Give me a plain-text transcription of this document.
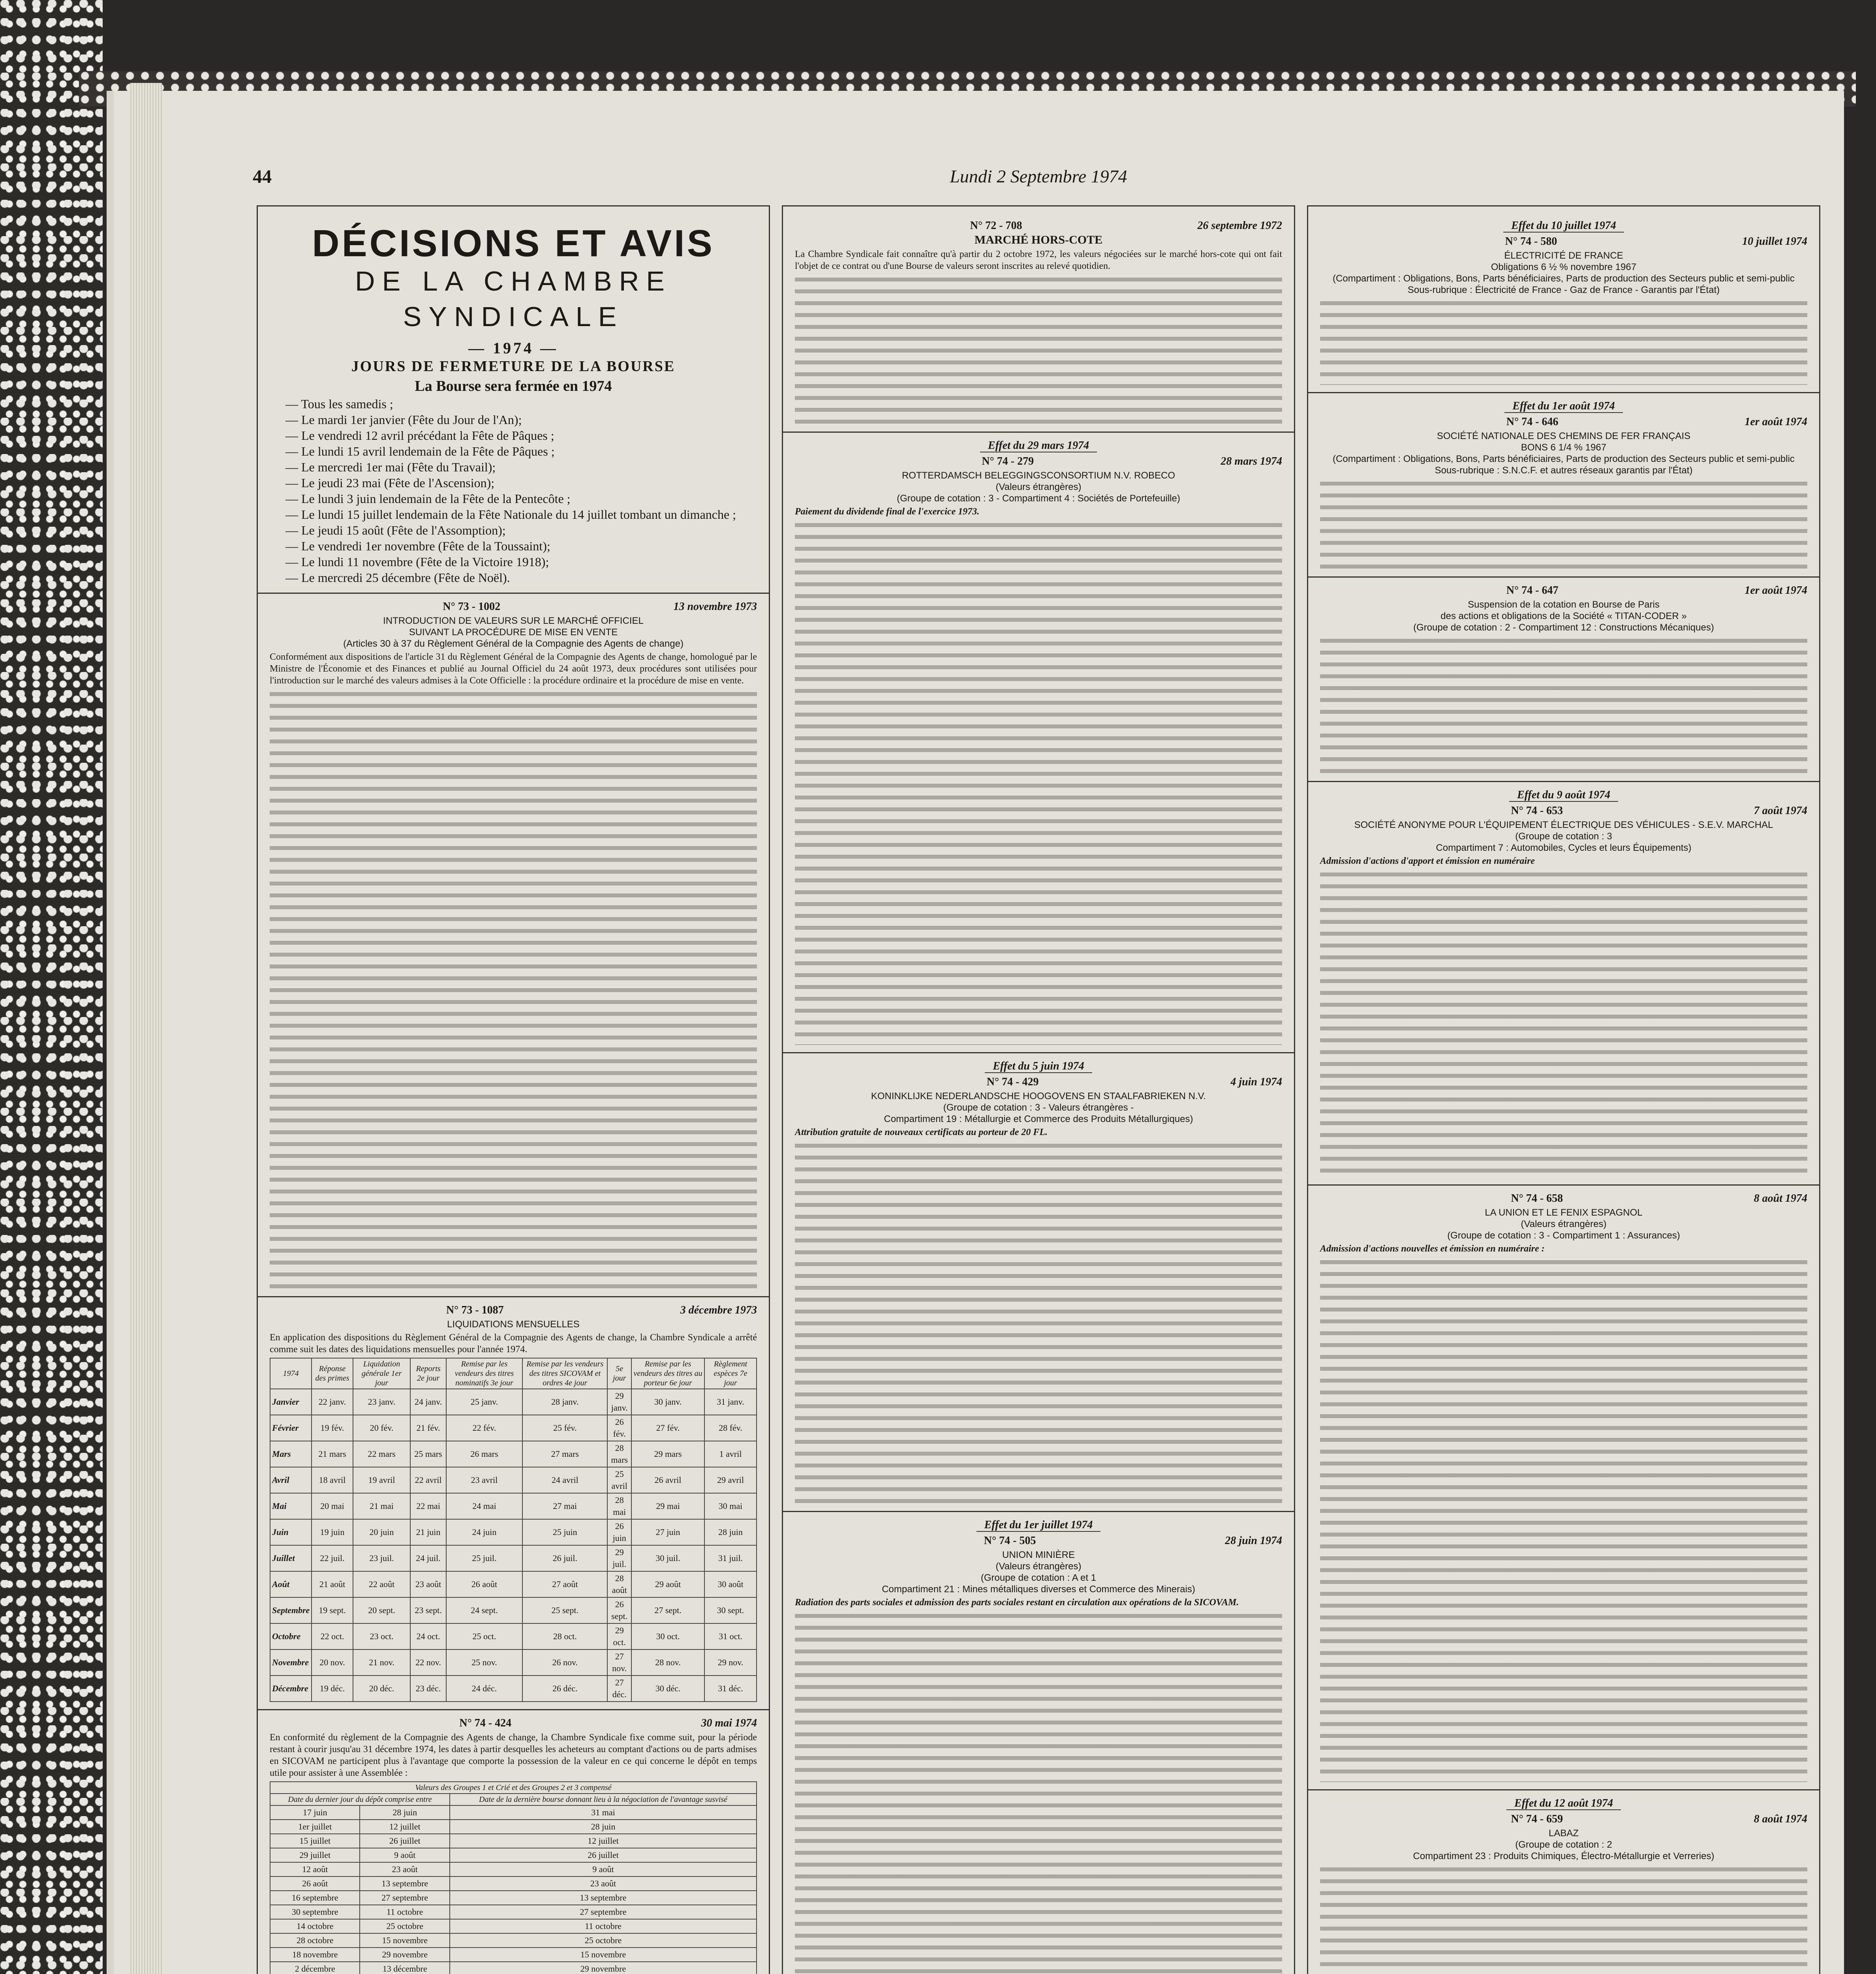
Lundi 2 Septembre 1974
44
DÉCISIONS ET AVIS
DE LA CHAMBRE SYNDICALE
— 1974 —
JOURS DE FERMETURE DE LA BOURSE
La Bourse sera fermée en 1974
— Tous les samedis ;
— Le mardi 1er janvier (Fête du Jour de l'An);
— Le vendredi 12 avril précédant la Fête de Pâques ;
— Le lundi 15 avril lendemain de la Fête de Pâques ;
— Le mercredi 1er mai (Fête du Travail);
— Le jeudi 23 mai (Fête de l'Ascension);
— Le lundi 3 juin lendemain de la Fête de la Pentecôte ;
— Le lundi 15 juillet lendemain de la Fête Nationale du 14 juillet tombant un dimanche ;
— Le jeudi 15 août (Fête de l'Assomption);
— Le vendredi 1er novembre (Fête de la Toussaint);
— Le lundi 11 novembre (Fête de la Victoire 1918);
— Le mercredi 25 décembre (Fête de Noël).
N° 73 - 1002	13 novembre 1973
INTRODUCTION DE VALEURS SUR LE MARCHÉ OFFICIEL
SUIVANT LA PROCÉDURE DE MISE EN VENTE
(Articles 30 à 37 du Règlement Général de la Compagnie des Agents de change)

Conformément aux dispositions de l'article 31 du Règlement Général de la Compagnie des Agents de change, homologué par le Ministre de l'Économie et des Finances et publié au Journal Officiel du 24 août 1973, deux procédures sont utilisées pour l'introduction sur le marché des valeurs admises à la Cote Officielle : la procédure ordinaire et la procédure de mise en vente.

N° 73 - 1087	3 décembre 1973
LIQUIDATIONS MENSUELLES

En application des dispositions du Règlement Général de la Compagnie des Agents de change, la Chambre Syndicale a arrêté comme suit les dates des liquidations mensuelles pour l'année 1974.

1974	Réponse des primes	Liquidation générale 1er jour	Reports 2e jour	Remise par les vendeurs des titres nominatifs 3e jour	Remise par les vendeurs des titres SICOVAM et ordres 4e jour	5e jour	Remise par les vendeurs des titres au porteur 6e jour	Règlement espèces 7e jour
Janvier	22 janv.	23 janv.	24 janv.	25 janv.	28 janv.	29 janv.	30 janv.	31 janv.
Février	19 fév.	20 fév.	21 fév.	22 fév.	25 fév.	26 fév.	27 fév.	28 fév.
Mars	21 mars	22 mars	25 mars	26 mars	27 mars	28 mars	29 mars	1 avril
Avril	18 avril	19 avril	22 avril	23 avril	24 avril	25 avril	26 avril	29 avril
Mai	20 mai	21 mai	22 mai	24 mai	27 mai	28 mai	29 mai	30 mai
Juin	19 juin	20 juin	21 juin	24 juin	25 juin	26 juin	27 juin	28 juin
Juillet	22 juil.	23 juil.	24 juil.	25 juil.	26 juil.	29 juil.	30 juil.	31 juil.
Août	21 août	22 août	23 août	26 août	27 août	28 août	29 août	30 août
Septembre	19 sept.	20 sept.	23 sept.	24 sept.	25 sept.	26 sept.	27 sept.	30 sept.
Octobre	22 oct.	23 oct.	24 oct.	25 oct.	28 oct.	29 oct.	30 oct.	31 oct.
Novembre	20 nov.	21 nov.	22 nov.	25 nov.	26 nov.	27 nov.	28 nov.	29 nov.
Décembre	19 déc.	20 déc.	23 déc.	24 déc.	26 déc.	27 déc.	30 déc.	31 déc.
N° 74 - 424	30 mai 1974

En conformité du règlement de la Compagnie des Agents de change, la Chambre Syndicale fixe comme suit, pour la période restant à courir jusqu'au 31 décembre 1974, les dates à partir desquelles les acheteurs au comptant d'actions ou de parts admises en SICOVAM ne participent plus à l'avantage que comporte la possession de la valeur en ce qui concerne le dépôt en temps utile pour assister à une Assemblée :

Valeurs des Groupes 1 et Crié et des Groupes 2 et 3 compensé		
Date du dernier jour du dépôt comprise entre		Date de la dernière bourse donnant lieu à la négociation de l'avantage susvisé
17 juin	28 juin	31 mai
1er juillet	12 juillet	28 juin
15 juillet	26 juillet	12 juillet
29 juillet	9 août	26 juillet
12 août	23 août	9 août
26 août	13 septembre	23 août
16 septembre	27 septembre	13 septembre
30 septembre	11 octobre	27 septembre
14 octobre	25 octobre	11 octobre
28 octobre	15 novembre	25 octobre
18 novembre	29 novembre	15 novembre
2 décembre	13 décembre	29 novembre
N° 72 - 708	26 septembre 1972
MARCHÉ HORS-COTE

La Chambre Syndicale fait connaître qu'à partir du 2 octobre 1972, les valeurs négociées sur le marché hors-cote qui ont fait l'objet de ce contrat ou d'une Bourse de valeurs seront inscrites au relevé quotidien.

Effet du 29 mars 1974
N° 74 - 279	28 mars 1974
ROTTERDAMSCH BELEGGINGSCONSORTIUM N.V. ROBECO
(Valeurs étrangères)
(Groupe de cotation : 3 - Compartiment 4 : Sociétés de Portefeuille)

Paiement du dividende final de l'exercice 1973.

Effet du 5 juin 1974
N° 74 - 429	4 juin 1974
KONINKLIJKE NEDERLANDSCHE HOOGOVENS EN STAALFABRIEKEN N.V.
(Groupe de cotation : 3 - Valeurs étrangères -
Compartiment 19 : Métallurgie et Commerce des Produits Métallurgiques)

Attribution gratuite de nouveaux certificats au porteur de 20 FL.

Effet du 1er juillet 1974
N° 74 - 505	28 juin 1974
UNION MINIÈRE
(Valeurs étrangères)
(Groupe de cotation : A et 1
Compartiment 21 : Mines métalliques diverses et Commerce des Minerais)

Radiation des parts sociales et admission des parts sociales restant en circulation aux opérations de la SICOVAM.

Effet du 10 juillet 1974
N° 74 - 580	10 juillet 1974
ÉLECTRICITÉ DE FRANCE
Obligations 6 ½ % novembre 1967
(Compartiment : Obligations, Bons, Parts bénéficiaires, Parts de production des Secteurs public et semi-public
Sous-rubrique : Électricité de France - Gaz de France - Garantis par l'État)
Effet du 1er août 1974
N° 74 - 646	1er août 1974
SOCIÉTÉ NATIONALE DES CHEMINS DE FER FRANÇAIS
BONS 6 1/4 % 1967
(Compartiment : Obligations, Bons, Parts bénéficiaires, Parts de production des Secteurs public et semi-public
Sous-rubrique : S.N.C.F. et autres réseaux garantis par l'État)
N° 74 - 647	1er août 1974
Suspension de la cotation en Bourse de Paris
des actions et obligations de la Société « TITAN-CODER »
(Groupe de cotation : 2 - Compartiment 12 : Constructions Mécaniques)
Effet du 9 août 1974
N° 74 - 653	7 août 1974
SOCIÉTÉ ANONYME POUR L'ÉQUIPEMENT ÉLECTRIQUE DES VÉHICULES - S.E.V. MARCHAL
(Groupe de cotation : 3
Compartiment 7 : Automobiles, Cycles et leurs Équipements)

Admission d'actions d'apport et émission en numéraire

N° 74 - 658	8 août 1974
LA UNION ET LE FENIX ESPAGNOL
(Valeurs étrangères)
(Groupe de cotation : 3 - Compartiment 1 : Assurances)

Admission d'actions nouvelles et émission en numéraire :

Effet du 12 août 1974
N° 74 - 659	8 août 1974
LABAZ
(Groupe de cotation : 2
Compartiment 23 : Produits Chimiques, Électro-Métallurgie et Verreries)
